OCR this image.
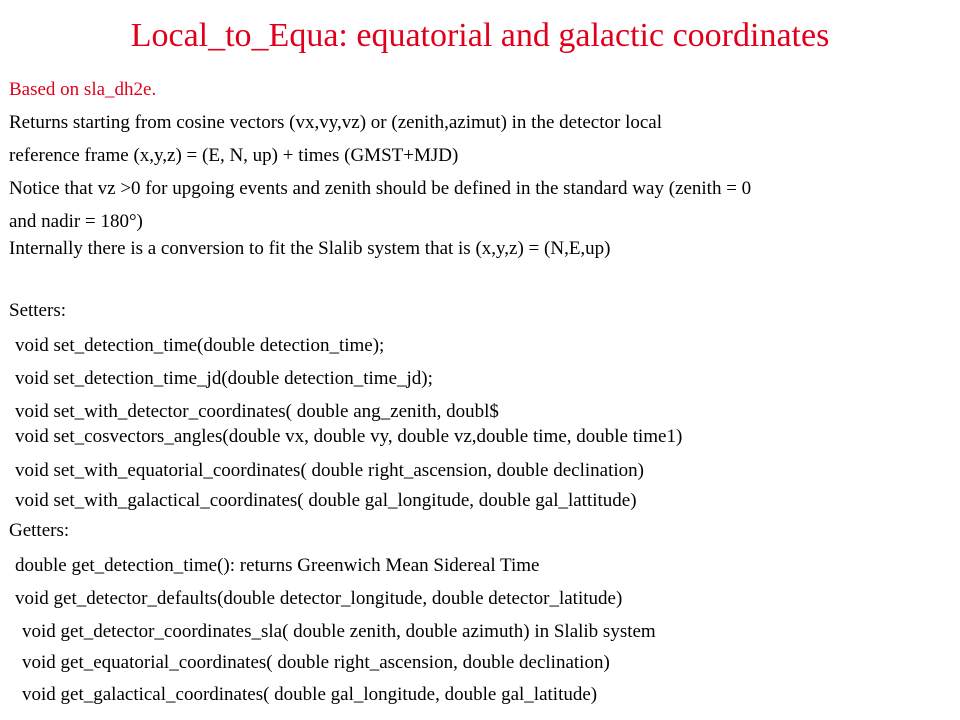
Local_to_Equa: equatorial and galactic coordinates
Based on sla_dh2e.
Returns starting from cosine vectors (vx,vy,vz) or (zenith,azimut) in the detector local
reference frame (x,y,z) = (E, N, up) + times (GMST+MJD)
Notice that vz >0 for upgoing events and zenith should be defined in the standard way (zenith = 0
and nadir = 180°)
Internally there is a conversion to fit the Slalib system that is (x,y,z) = (N,E,up)
Setters:
void set_detection_time(double detection_time);
void set_detection_time_jd(double detection_time_jd);
void set_with_detector_coordinates( double ang_zenith, doubl$
void set_cosvectors_angles(double vx, double vy, double vz,double time, double time1)
void set_with_equatorial_coordinates( double right_ascension, double declination)
void set_with_galactical_coordinates( double gal_longitude, double gal_lattitude)
Getters:
double get_detection_time(): returns Greenwich Mean Sidereal Time
void get_detector_defaults(double detector_longitude, double detector_latitude)
void get_detector_coordinates_sla( double zenith, double azimuth) in Slalib system
void get_equatorial_coordinates( double right_ascension, double declination)
void get_galactical_coordinates( double gal_longitude, double gal_latitude)
